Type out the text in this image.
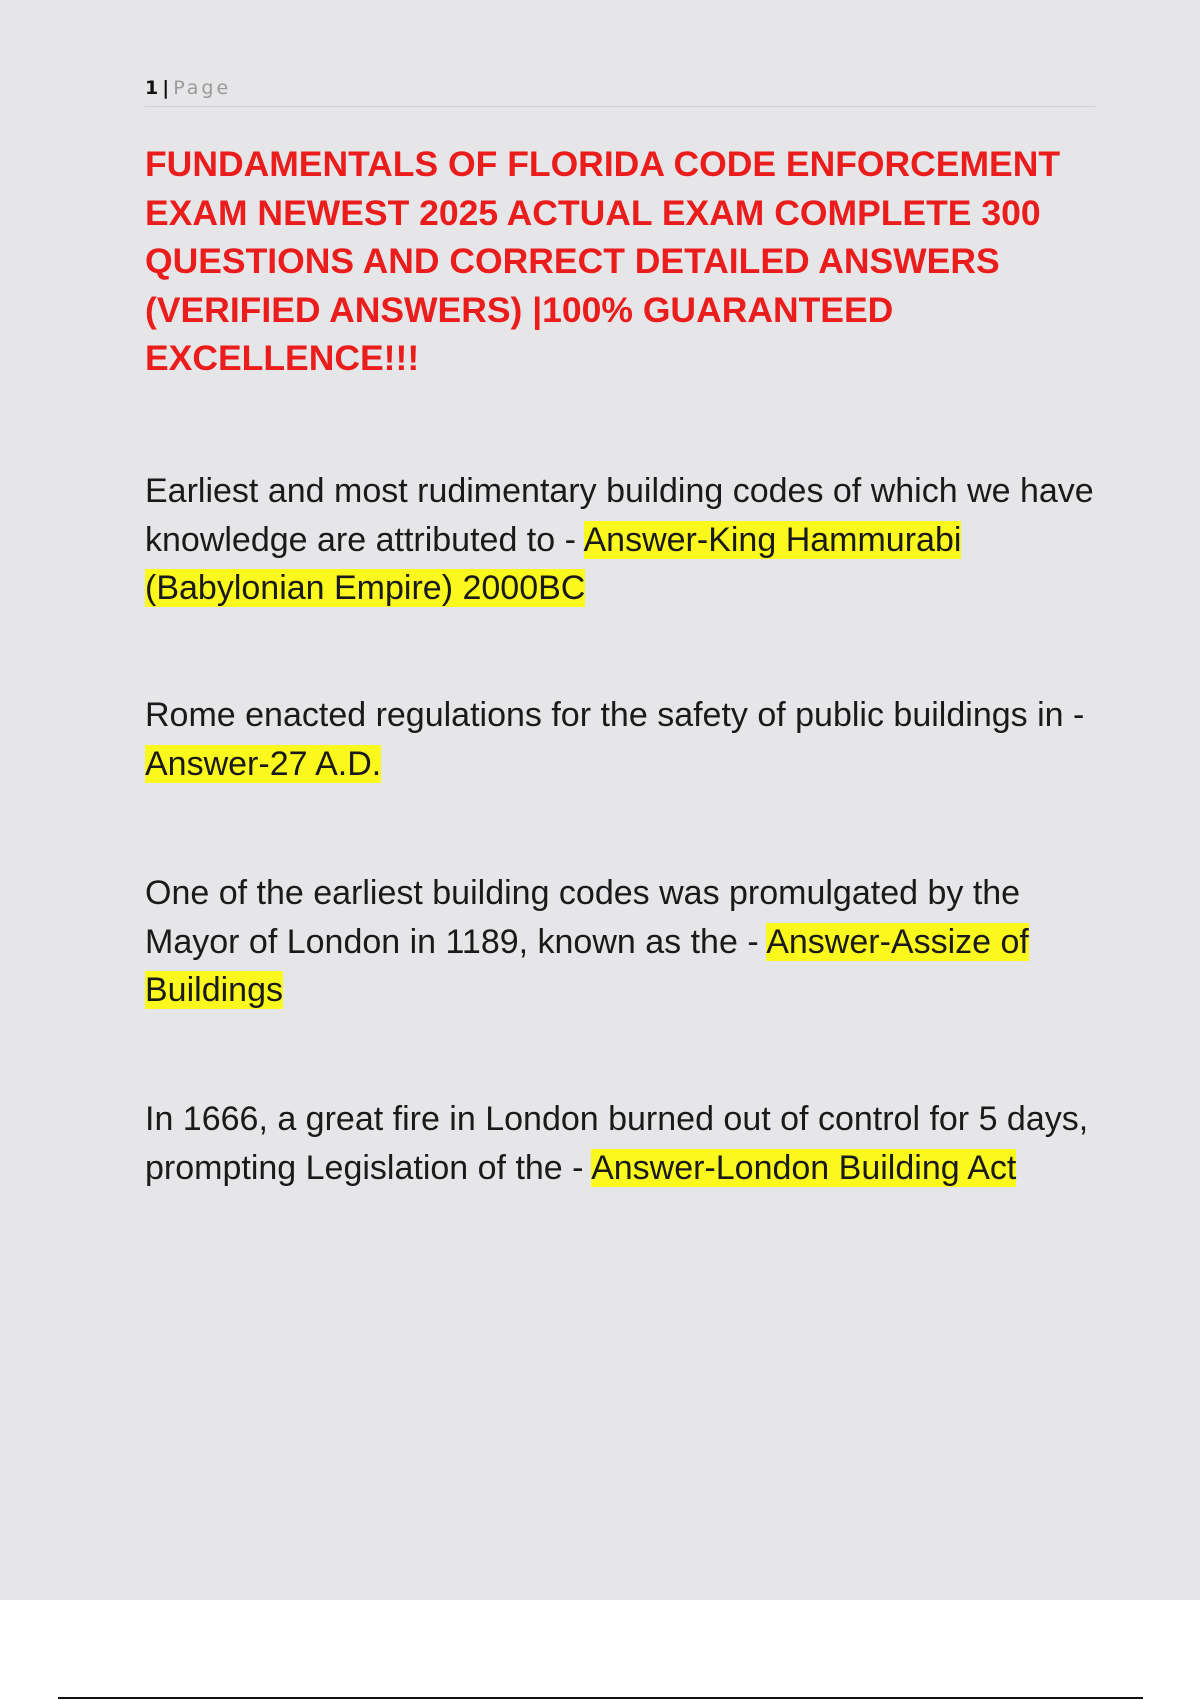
1 | Page
FUNDAMENTALS OF FLORIDA CODE ENFORCEMENT EXAM NEWEST 2025 ACTUAL EXAM COMPLETE 300 QUESTIONS AND CORRECT DETAILED ANSWERS (VERIFIED ANSWERS) |100% GUARANTEED EXCELLENCE!!!

Earliest and most rudimentary building codes of which we have knowledge are attributed to - Answer-King Hammurabi (Babylonian Empire) 2000BC

Rome enacted regulations for the safety of public buildings in - Answer-27 A.D.

One of the earliest building codes was promulgated by the Mayor of London in 1189, known as the - Answer-Assize of Buildings

In 1666, a great fire in London burned out of control for 5 days, prompting Legislation of the - Answer-London Building Act
